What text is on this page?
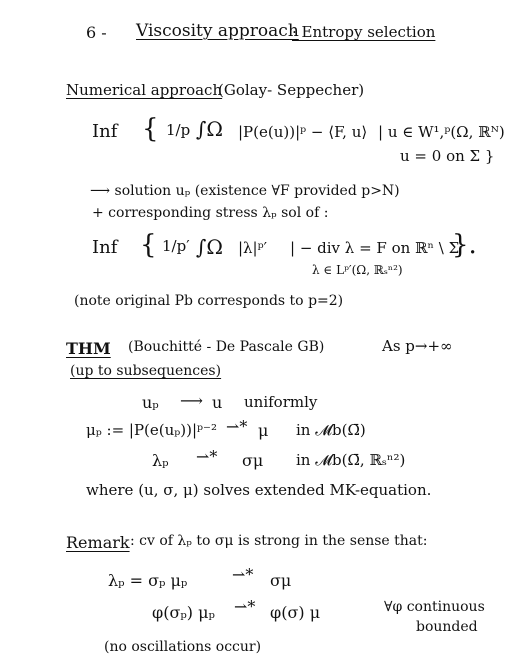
6 - Viscosity approach
· Entropy selection
Numerical approach
(Golay- Seppecher)
Inf { 1/p ∫Ω |P(e(u))|ᵖ − ⟨F, u⟩ | u ∈ W¹,ᵖ(Ω, ℝᴺ)
u = 0 on Σ }
⟶ solution uₚ (existence ∀F provided p>N)
+ corresponding stress λₚ sol of :
Inf { 1/p′ ∫Ω |λ|ᵖ′ | − div λ = F on ℝⁿ \ Σ
}.
λ ∈ Lᵖ′(Ω, ℝₛⁿ²)
(note original Pb corresponds to p=2)
THM (Bouchitté - De Pascale GB)	As p→+∞
(up to subsequences)
uₚ ⟶ u uniformly
μₚ := |P(e(uₚ))|ᵖ⁻² ⇀* μ in 𝓜b(Ω̄)
λₚ ⇀* σμ in 𝓜b(Ω̄, ℝₛⁿ²)
where (u, σ, μ) solves extended MK-equation.
Remark : cv of λₚ to σμ is strong in the sense that:
λₚ = σₚ μₚ	⇀* σμ
φ(σₚ) μₚ ⇀* φ(σ) μ	∀φ continuous
bounded
(no oscillations occur)
